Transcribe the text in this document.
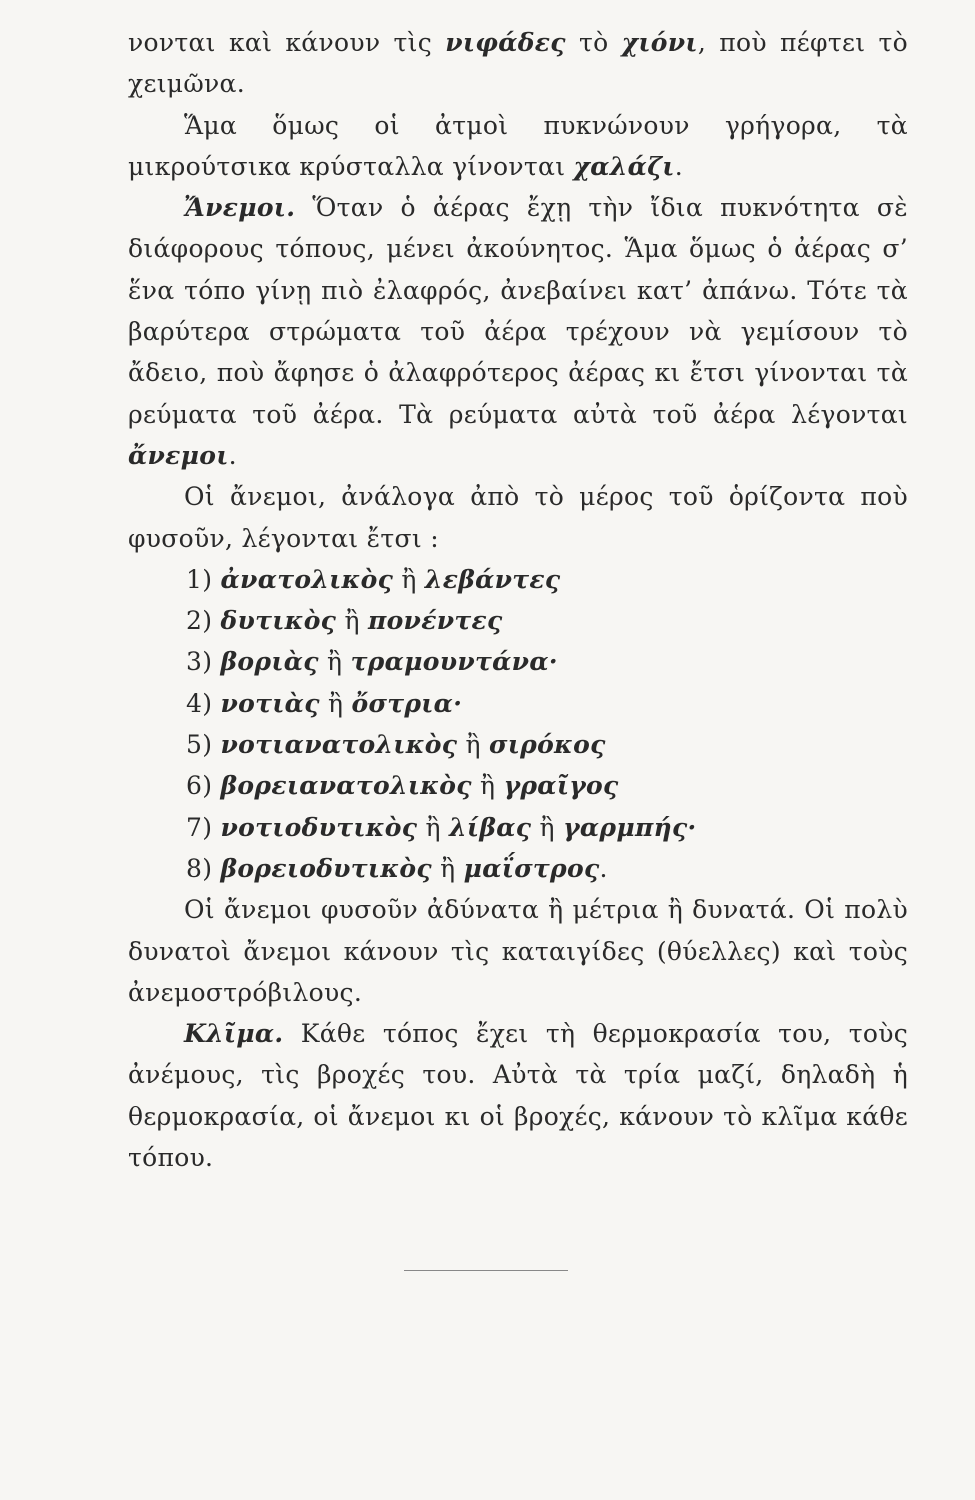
νονται καὶ κάνουν τὶς νιφάδες τὸ χιόνι, ποὺ πέφτει τὸ χειμῶνα.

Ἅμα ὅμως οἱ ἀτμοὶ πυκνώνουν γρήγορα, τὰ μικρούτσικα κρύσταλλα γίνονται χαλάζι.

Ἄνεμοι. Ὅταν ὁ ἀέρας ἔχῃ τὴν ἴδια πυκνότητα σὲ διάφορους τόπους, μένει ἀκούνητος. Ἅμα ὅμως ὁ ἀέρας σ’ ἕνα τόπο γίνῃ πιὸ ἐλαφρός, ἀνεβαίνει κατ’ ἀπάνω. Τότε τὰ βαρύτερα στρώματα τοῦ ἀέρα τρέχουν νὰ γεμίσουν τὸ ἄδειο, ποὺ ἄφησε ὁ ἀλαφρότερος ἀέρας κι ἔτσι γίνονται τὰ ρεύματα τοῦ ἀέρα. Τὰ ρεύματα αὐτὰ τοῦ ἀέρα λέγονται ἄνεμοι.

Οἱ ἄνεμοι, ἀνάλογα ἀπὸ τὸ μέρος τοῦ ὁρίζοντα ποὺ φυσοῦν, λέγονται ἔτσι :

1) ἀνατολικὸς ἢ λεβάντες
2) δυτικὸς ἢ πονέντες
3) βοριὰς ἢ τραμουντάνα·
4) νοτιὰς ἢ ὄστρια·
5) νοτιανατολικὸς ἢ σιρόκος
6) βορειανατολικὸς ἢ γραῖγος
7) νοτιοδυτικὸς ἢ λίβας ἢ γαρμπής·
8) βορειοδυτικὸς ἢ μαΐστρος.

Οἱ ἄνεμοι φυσοῦν ἀδύνατα ἢ μέτρια ἢ δυνατά. Οἱ πολὺ δυνατοὶ ἄνεμοι κάνουν τὶς καταιγίδες (θύελλες) καὶ τοὺς ἀνεμοστρόβιλους.

Κλῖμα. Κάθε τόπος ἔχει τὴ θερμοκρασία του, τοὺς ἀνέμους, τὶς βροχές του. Αὐτὰ τὰ τρία μαζί, δηλαδὴ ἡ θερμοκρασία, οἱ ἄνεμοι κι οἱ βροχές, κάνουν τὸ κλῖμα κάθε τόπου.
